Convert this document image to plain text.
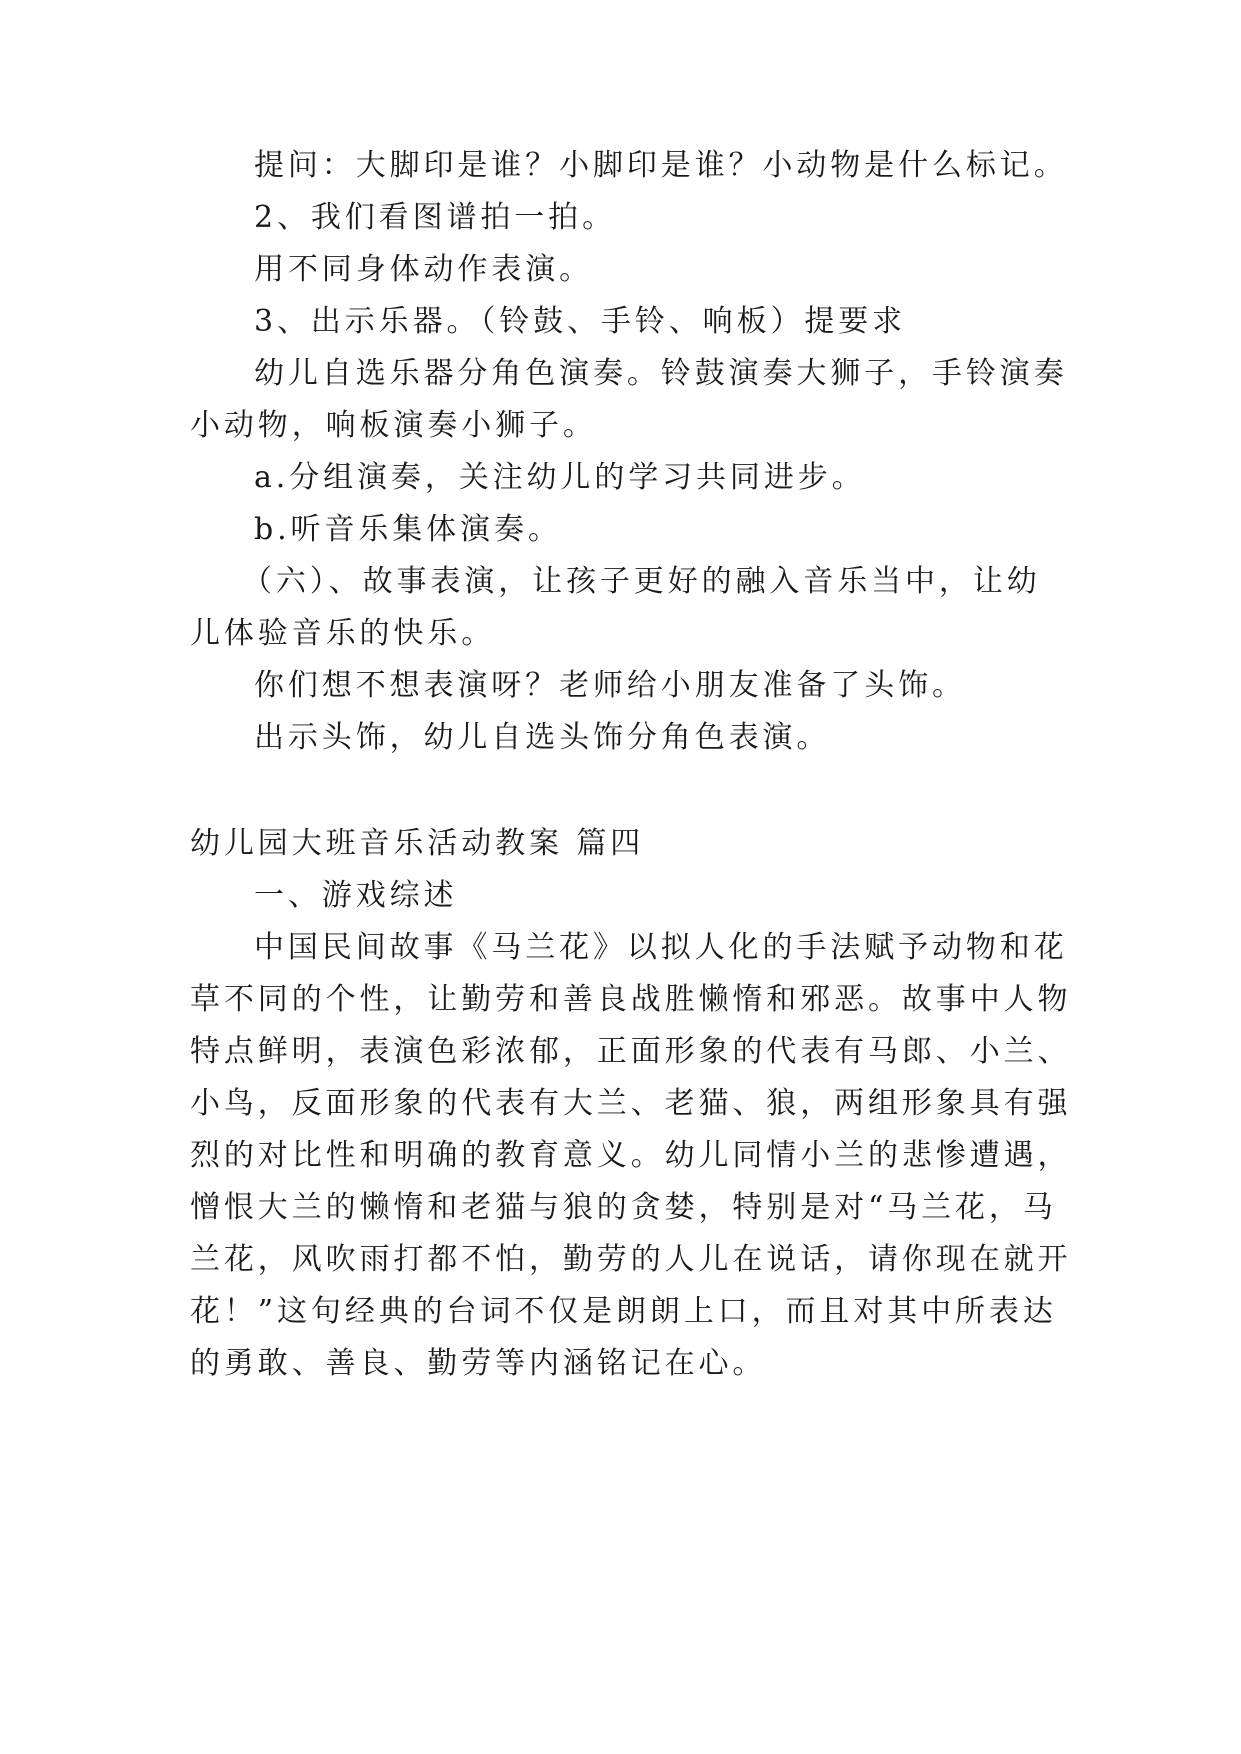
提问：大脚印是谁？小脚印是谁？小动物是什么标记。

2、我们看图谱拍一拍。

用不同身体动作表演。

3、出示乐器。（铃鼓、手铃、响板）提要求

幼儿自选乐器分角色演奏。铃鼓演奏大狮子，手铃演奏

小动物，响板演奏小狮子。

a.分组演奏，关注幼儿的学习共同进步。

b.听音乐集体演奏。

（六）、故事表演，让孩子更好的融入音乐当中，让幼

儿体验音乐的快乐。

你们想不想表演呀？老师给小朋友准备了头饰。

出示头饰，幼儿自选头饰分角色表演。

幼儿园大班音乐活动教案 篇四

一、游戏综述

中国民间故事《马兰花》以拟人化的手法赋予动物和花

草不同的个性，让勤劳和善良战胜懒惰和邪恶。故事中人物

特点鲜明，表演色彩浓郁，正面形象的代表有马郎、小兰、

小鸟，反面形象的代表有大兰、老猫、狼，两组形象具有强

烈的对比性和明确的教育意义。幼儿同情小兰的悲惨遭遇，

憎恨大兰的懒惰和老猫与狼的贪婪，特别是对“马兰花，马

兰花，风吹雨打都不怕，勤劳的人儿在说话，请你现在就开

花！”这句经典的台词不仅是朗朗上口，而且对其中所表达

的勇敢、善良、勤劳等内涵铭记在心。
